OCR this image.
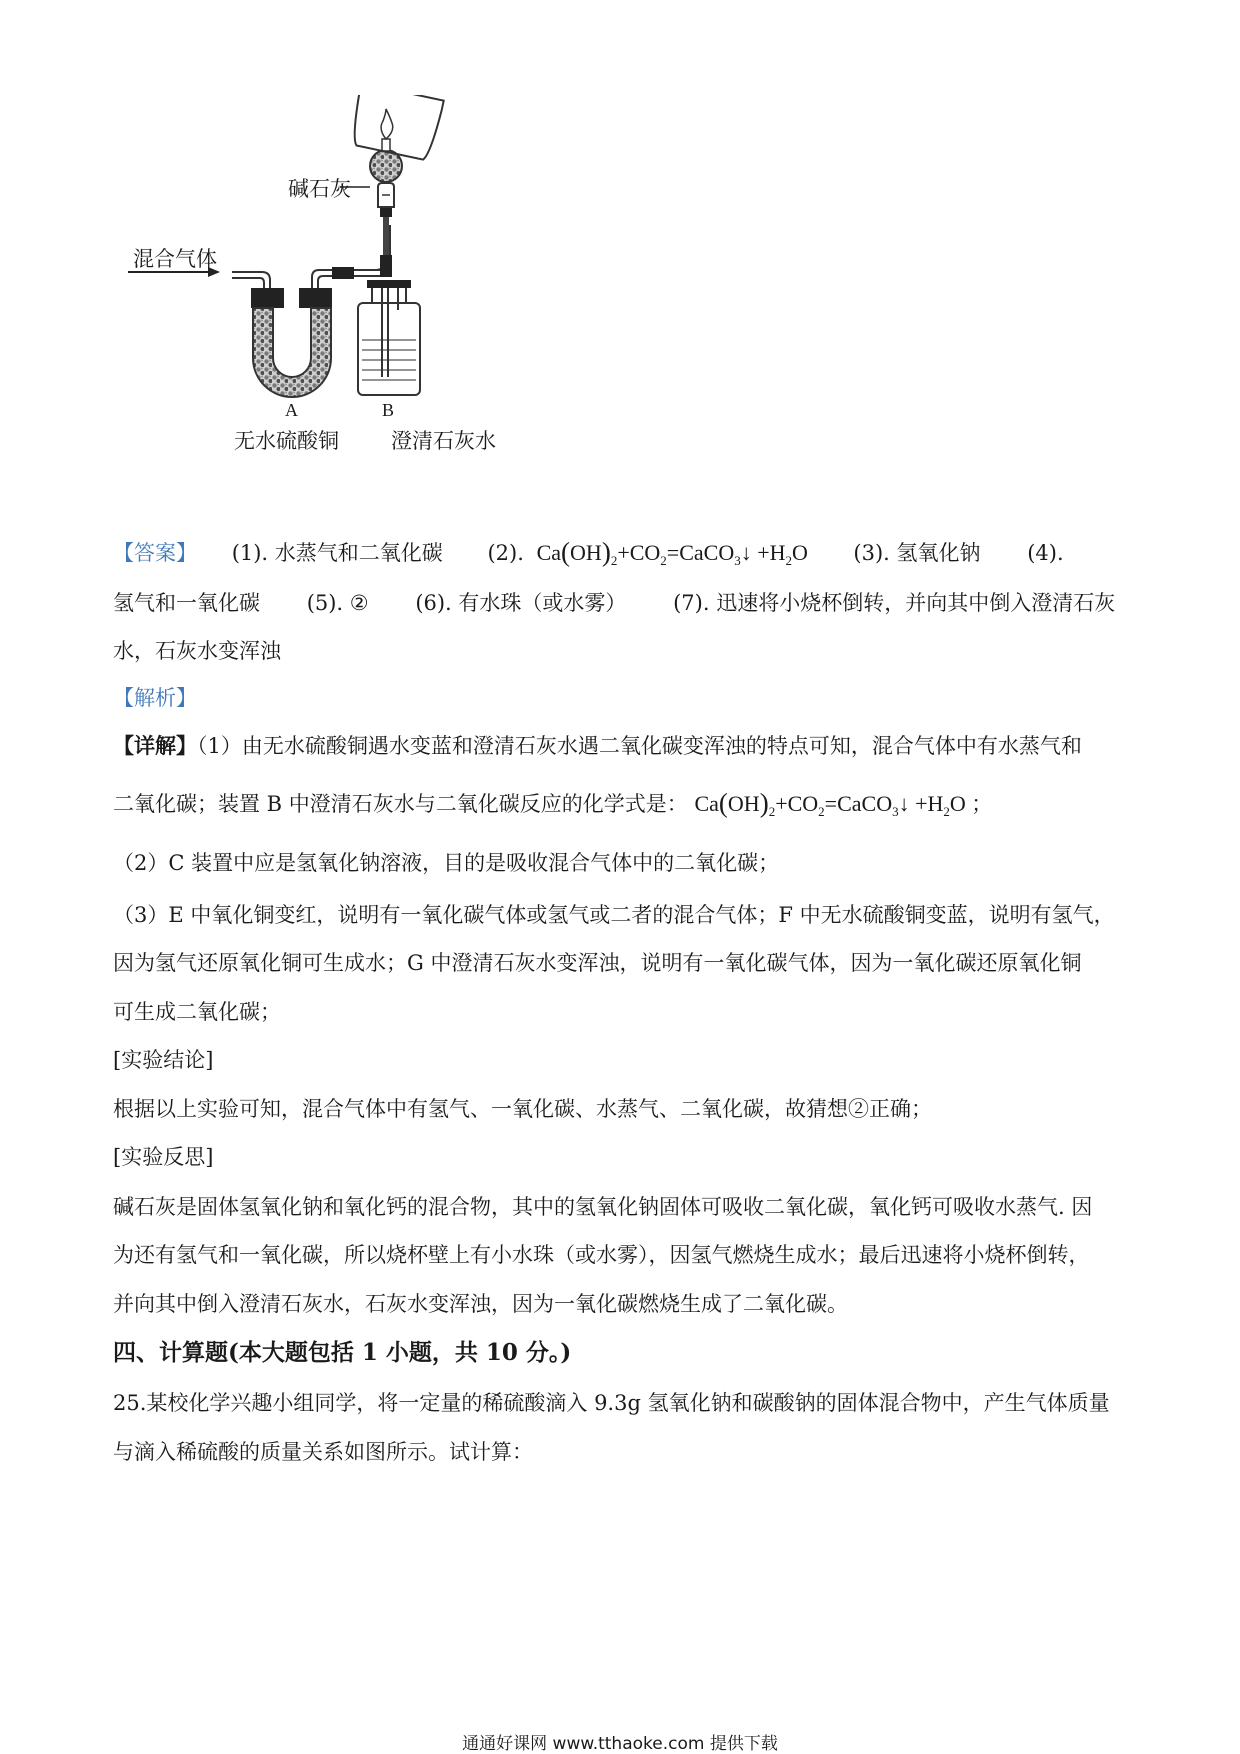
碱石灰
混合气体
A	B
无水硫酸铜 澄清石灰水
【答案】 (1). 水蒸气和二氧化碳 (2). $Ca(OH)_2+CO_2=CaCO_3↓ +H_2O$ (3). 氢氧化钠 (4).
氢气和一氧化碳 (5). ② (6). 有水珠（或水雾） (7). 迅速将小烧杯倒转，并向其中倒入澄清石灰
水，石灰水变浑浊
【解析】
【详解】（1）由无水硫酸铜遇水变蓝和澄清石灰水遇二氧化碳变浑浊的特点可知，混合气体中有水蒸气和
二氧化碳；装置 B 中澄清石灰水与二氧化碳反应的化学式是： $Ca(OH)_2+CO_2=CaCO_3↓ +H_2O$ ；
（2）C 装置中应是氢氧化钠溶液，目的是吸收混合气体中的二氧化碳；
（3）E 中氧化铜变红，说明有一氧化碳气体或氢气或二者的混合气体；F 中无水硫酸铜变蓝，说明有氢气，
因为氢气还原氧化铜可生成水；G 中澄清石灰水变浑浊，说明有一氧化碳气体，因为一氧化碳还原氧化铜
可生成二氧化碳；
[实验结论]
根据以上实验可知，混合气体中有氢气、一氧化碳、水蒸气、二氧化碳，故猜想②正确；
[实验反思]
碱石灰是固体氢氧化钠和氧化钙的混合物，其中的氢氧化钠固体可吸收二氧化碳，氧化钙可吸收水蒸气. 因
为还有氢气和一氧化碳，所以烧杯壁上有小水珠（或水雾），因氢气燃烧生成水；最后迅速将小烧杯倒转，
并向其中倒入澄清石灰水，石灰水变浑浊，因为一氧化碳燃烧生成了二氧化碳。
四、计算题(本大题包括 1 小题，共 10 分。)
25.某校化学兴趣小组同学，将一定量的稀硫酸滴入 9.3g 氢氧化钠和碳酸钠的固体混合物中，产生气体质量
与滴入稀硫酸的质量关系如图所示。试计算：
通通好课网 www.tthaoke.com 提供下载
